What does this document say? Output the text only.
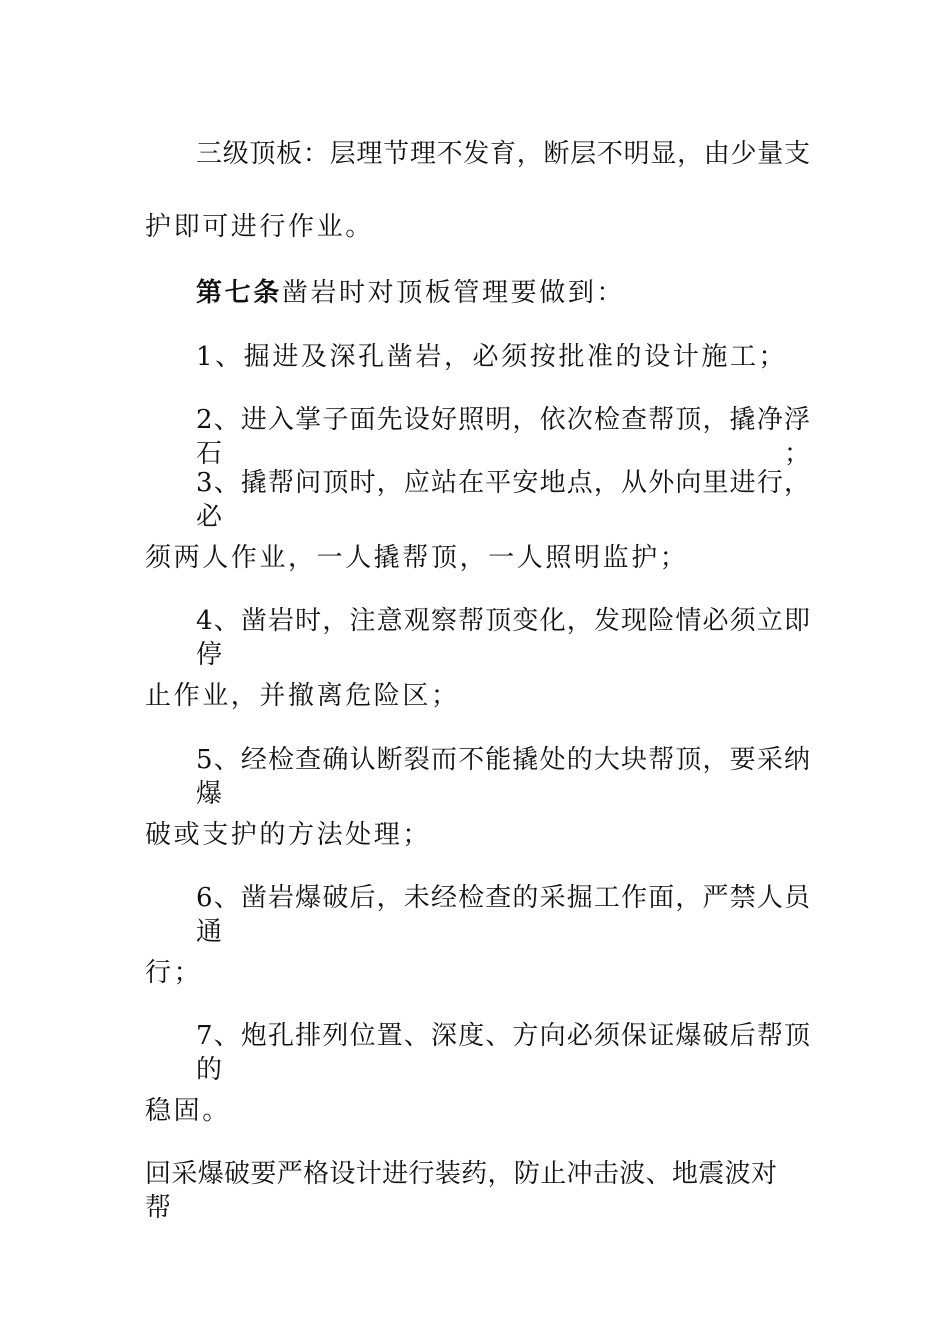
三级顶板：层理节理不发育，断层不明显，由少量支
护即可进行作业。
第七条凿岩时对顶板管理要做到：
1、掘进及深孔凿岩，必须按批准的设计施工；
2、进入掌子面先设好照明，依次检查帮顶，撬净浮石；
3、撬帮问顶时，应站在平安地点，从外向里进行，必
须两人作业，一人撬帮顶，一人照明监护；
4、凿岩时，注意观察帮顶变化，发现险情必须立即停
止作业，并撤离危险区；
5、经检查确认断裂而不能撬处的大块帮顶，要采纳爆
破或支护的方法处理；
6、凿岩爆破后，未经检查的采掘工作面，严禁人员通
行；
7、炮孔排列位置、深度、方向必须保证爆破后帮顶的
稳固。
回采爆破要严格设计进行装药，防止冲击波、地震波对帮
